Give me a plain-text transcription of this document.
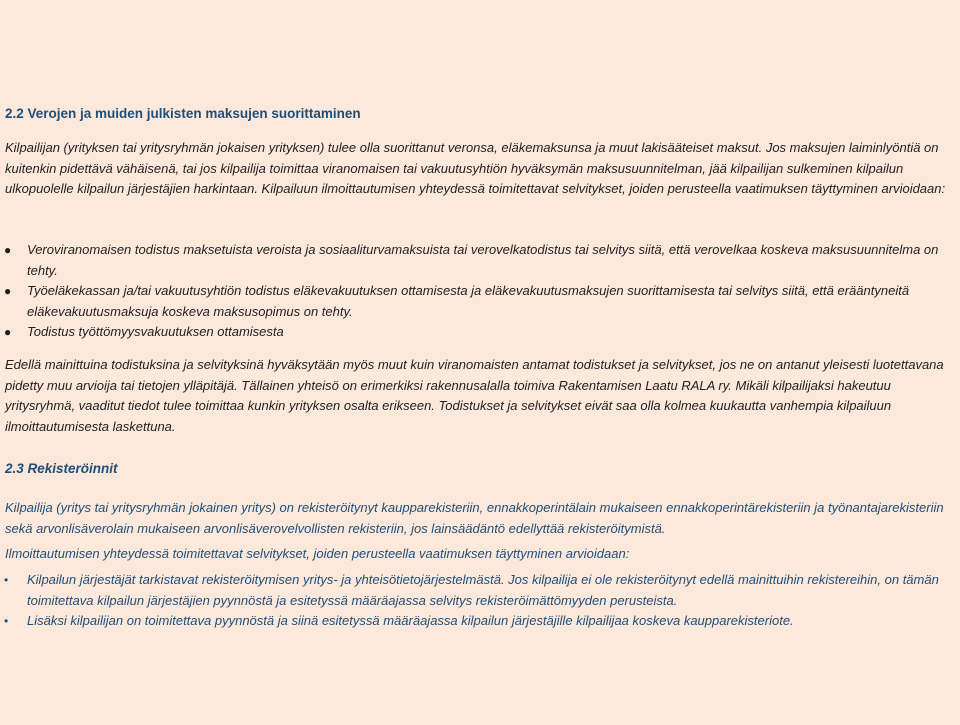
2.2 Verojen ja muiden julkisten maksujen suorittaminen

Kilpailijan (yrityksen tai yritysryhmän jokaisen yrityksen) tulee olla suorittanut veronsa, eläkemaksunsa ja muut lakisääteiset maksut. Jos maksujen laiminlyöntiä on kuitenkin pidettävä vähäisenä, tai jos kilpailija toimittaa viranomaisen tai vakuutusyhtiön hyväksymän maksusuunnitelman, jää kilpailijan sulkeminen kilpailun ulkopuolelle kilpailun järjestäjien harkintaan. Kilpailuun ilmoittautumisen yhteydessä toimitettavat selvitykset, joiden perusteella vaatimuksen täyttyminen arvioidaan:

● Veroviranomaisen todistus maksetuista veroista ja sosiaaliturvamaksuista tai verovelkatodistus tai selvitys siitä, että verovelkaa koskeva maksusuunnitelma on tehty.
● Työeläkekassan ja/tai vakuutusyhtiön todistus eläkevakuutuksen ottamisesta ja eläkevakuutusmaksujen suorittamisesta tai selvitys siitä, että erääntyneitä eläkevakuutusmaksuja koskeva maksusopimus on tehty.
● Todistus työttömyysvakuutuksen ottamisesta

Edellä mainittuina todistuksina ja selvityksinä hyväksytään myös muut kuin viranomaisten antamat todistukset ja selvitykset, jos ne on antanut yleisesti luotettavana pidetty muu arvioija tai tietojen ylläpitäjä. Tällainen yhteisö on erimerkiksi rakennusalalla toimiva Rakentamisen Laatu RALA ry. Mikäli kilpailijaksi hakeutuu yritysryhmä, vaaditut tiedot tulee toimittaa kunkin yrityksen osalta erikseen. Todistukset ja selvitykset eivät saa olla kolmea kuukautta vanhempia kilpailuun ilmoittautumisesta laskettuna.

2.3 Rekisteröinnit

Kilpailija (yritys tai yritysryhmän jokainen yritys) on rekisteröitynyt kaupparekisteriin, ennakkoperintälain mukaiseen ennakkoperintärekisteriin ja työnantajarekisteriin sekä arvonlisäverolain mukaiseen arvonlisäverovelvollisten rekisteriin, jos lainsäädäntö edellyttää rekisteröitymistä.

Ilmoittautumisen yhteydessä toimitettavat selvitykset, joiden perusteella vaatimuksen täyttyminen arvioidaan:

• Kilpailun järjestäjät tarkistavat rekisteröitymisen yritys- ja yhteisötietojärjestelmästä. Jos kilpailija ei ole rekisteröitynyt edellä mainittuihin rekistereihin, on tämän toimitettava kilpailun järjestäjien pyynnöstä ja esitetyssä määräajassa selvitys rekisteröimättömyyden perusteista.
• Lisäksi kilpailijan on toimitettava pyynnöstä ja siinä esitetyssä määräajassa kilpailun järjestäjille kilpailijaa koskeva kaupparekisteriote.
